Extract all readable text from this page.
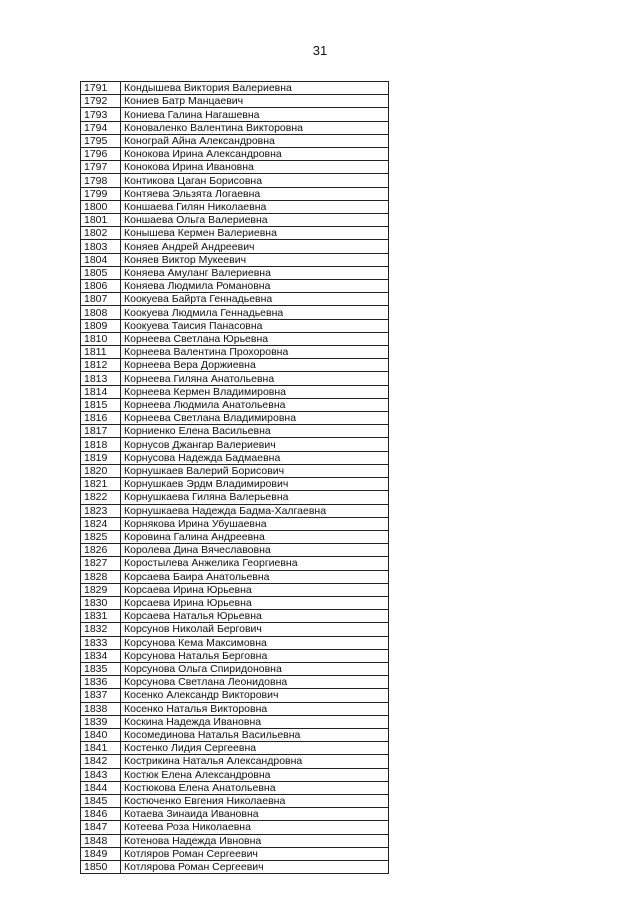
31
1791	Кондышева Виктория Валериевна
1792	Кониев Батр Манцаевич
1793	Кониева Галина Нагашевна
1794	Коноваленко Валентина Викторовна
1795	Конограй Айна Александровна
1796	Конокова Ирина Александровна
1797	Конокова Ирина Ивановна
1798	Контикова Цаган Борисовна
1799	Контяева Эльзята Логаевна
1800	Коншаева Гилян Николаевна
1801	Коншаева Ольга Валериевна
1802	Конышева Кермен Валериевна
1803	Коняев Андрей Андреевич
1804	Коняев Виктор Мукеевич
1805	Коняева Амуланг Валериевна
1806	Коняева Людмила Романовна
1807	Коокуева Байрта Геннадьевна
1808	Коокуева Людмила Геннадьевна
1809	Коокуева Таисия Панасовна
1810	Корнеева Светлана Юрьевна
1811	Корнеева Валентина Прохоровна
1812	Корнеева Вера Доржиевна
1813	Корнеева Гиляна Анатольевна
1814	Корнеева Кермен Владимировна
1815	Корнеева Людмила Анатольевна
1816	Корнеева Светлана Владимировна
1817	Корниенко Елена Васильевна
1818	Корнусов Джангар Валериевич
1819	Корнусова Надежда Бадмаевна
1820	Корнушкаев Валерий Борисович
1821	Корнушкаев Эрдм Владимирович
1822	Корнушкаева Гиляна Валерьевна
1823	Корнушкаева Надежда Бадма-Халгаевна
1824	Корнякова Ирина Убушаевна
1825	Коровина Галина Андреевна
1826	Королева Дина Вячеславовна
1827	Коростылева Анжелика Георгиевна
1828	Корсаева Баира Анатольевна
1829	Корсаева Ирина Юрьевна
1830	Корсаева Ирина Юрьевна
1831	Корсаева Наталья Юрьевна
1832	Корсунов Николай Бергович
1833	Корсунова Кема Максимовна
1834	Корсунова Наталья Берговна
1835	Корсунова Ольга Спиридоновна
1836	Корсунова Светлана Леонидовна
1837	Косенко Александр Викторович
1838	Косенко Наталья Викторовна
1839	Коскина Надежда Ивановна
1840	Косомединова Наталья Васильевна
1841	Костенко Лидия Сергеевна
1842	Кострикина Наталья Александровна
1843	Костюк Елена Александровна
1844	Костюкова Елена Анатольевна
1845	Костюченко Евгения Николаевна
1846	Котаева Зинаида Ивановна
1847	Котеева Роза Николаевна
1848	Котенова Надежда Ивновна
1849	Котляров Роман Сергеевич
1850	Котлярова Роман Сергеевич
